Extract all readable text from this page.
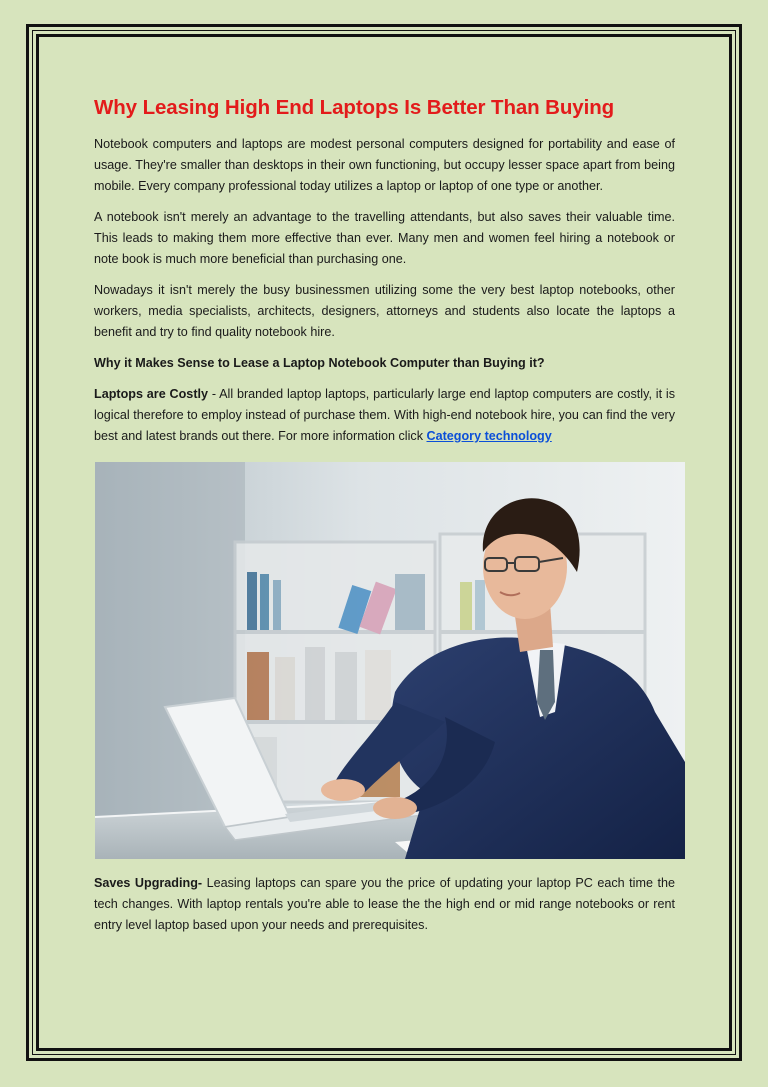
Why Leasing High End Laptops Is Better Than Buying

Notebook computers and laptops are modest personal computers designed for portability and ease of usage. They're smaller than desktops in their own functioning, but occupy lesser space apart from being mobile. Every company professional today utilizes a laptop or laptop of one type or another.

A notebook isn't merely an advantage to the travelling attendants, but also saves their valuable time. This leads to making them more effective than ever. Many men and women feel hiring a notebook or note book is much more beneficial than purchasing one.

Nowadays it isn't merely the busy businessmen utilizing some the very best laptop notebooks, other workers, media specialists, architects, designers, attorneys and students also locate the laptops a benefit and try to find quality notebook hire.

Why it Makes Sense to Lease a Laptop Notebook Computer than Buying it?

Laptops are Costly - All branded laptop laptops, particularly large end laptop computers are costly, it is logical therefore to employ instead of purchase them. With high-end notebook hire, you can find the very best and latest brands out there. For more information click Category technology

Saves Upgrading- Leasing laptops can spare you the price of updating your laptop PC each time the tech changes. With laptop rentals you're able to lease the the high end or mid range notebooks or rent entry level laptop based upon your needs and prerequisites.
